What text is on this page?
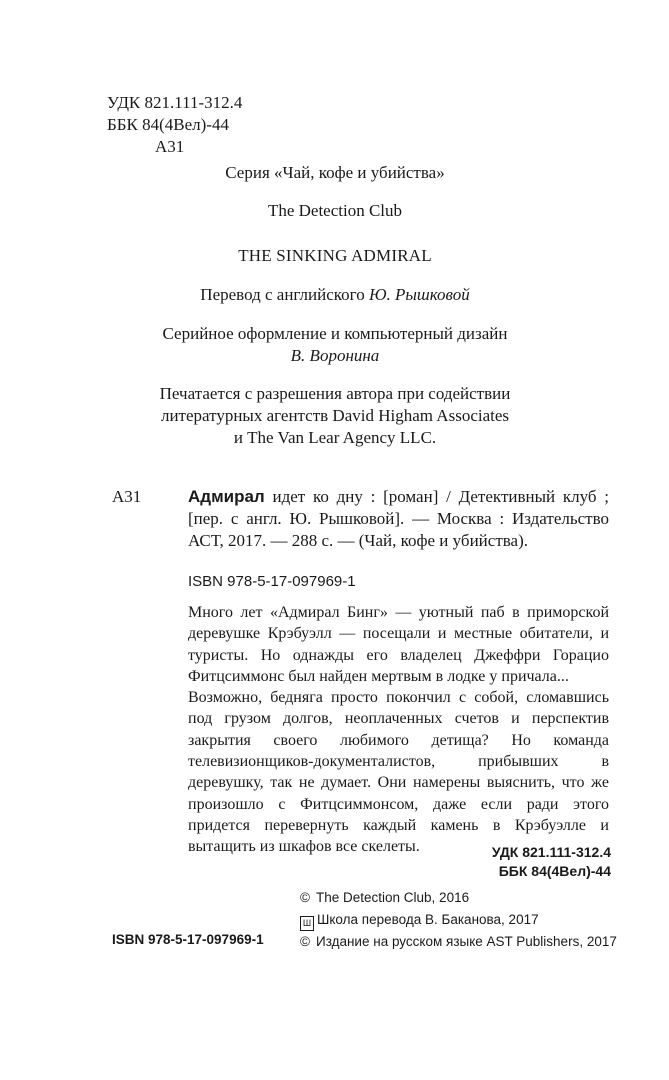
УДК 821.111-312.4
ББК 84(4Вел)-44
А31
Серия «Чай, кофе и убийства»
The Detection Club
THE SINKING ADMIRAL
Перевод с английского Ю. Рышковой
Серийное оформление и компьютерный дизайн
В. Воронина
Печатается с разрешения автора при содействии
литературных агентств David Higham Associates
и The Van Lear Agency LLC.
А31	Адмирал идет ко дну : [роман] / Детективный клуб ; [пер. с англ. Ю. Рышковой]. — Москва : Издательство АСТ, 2017. — 288 с. — (Чай, кофе и убийства).
ISBN 978-5-17-097969-1

Много лет «Адмирал Бинг» — уютный паб в приморской деревушке Крэбуэлл — посещали и местные обитатели, и туристы. Но однажды его владелец Джеффри Горацио Фитцсиммонс был найден мертвым в лодке у причала...

Возможно, бедняга просто покончил с собой, сломавшись под грузом долгов, неоплаченных счетов и перспектив закрытия своего любимого детища? Но команда телевизионщиков-документалистов, прибывших в деревушку, так не думает. Они намерены выяснить, что же произошло с Фитцсиммонсом, даже если ради этого придется перевернуть каждый камень в Крэбуэлле и вытащить из шкафов все скелеты.	УДК 821.111-312.4
ББК 84(4Вел)-44
© The Detection Club, 2016
Ш Школа перевода В. Баканова, 2017
© Издание на русском языке AST Publishers, 2017
ISBN 978-5-17-097969-1
